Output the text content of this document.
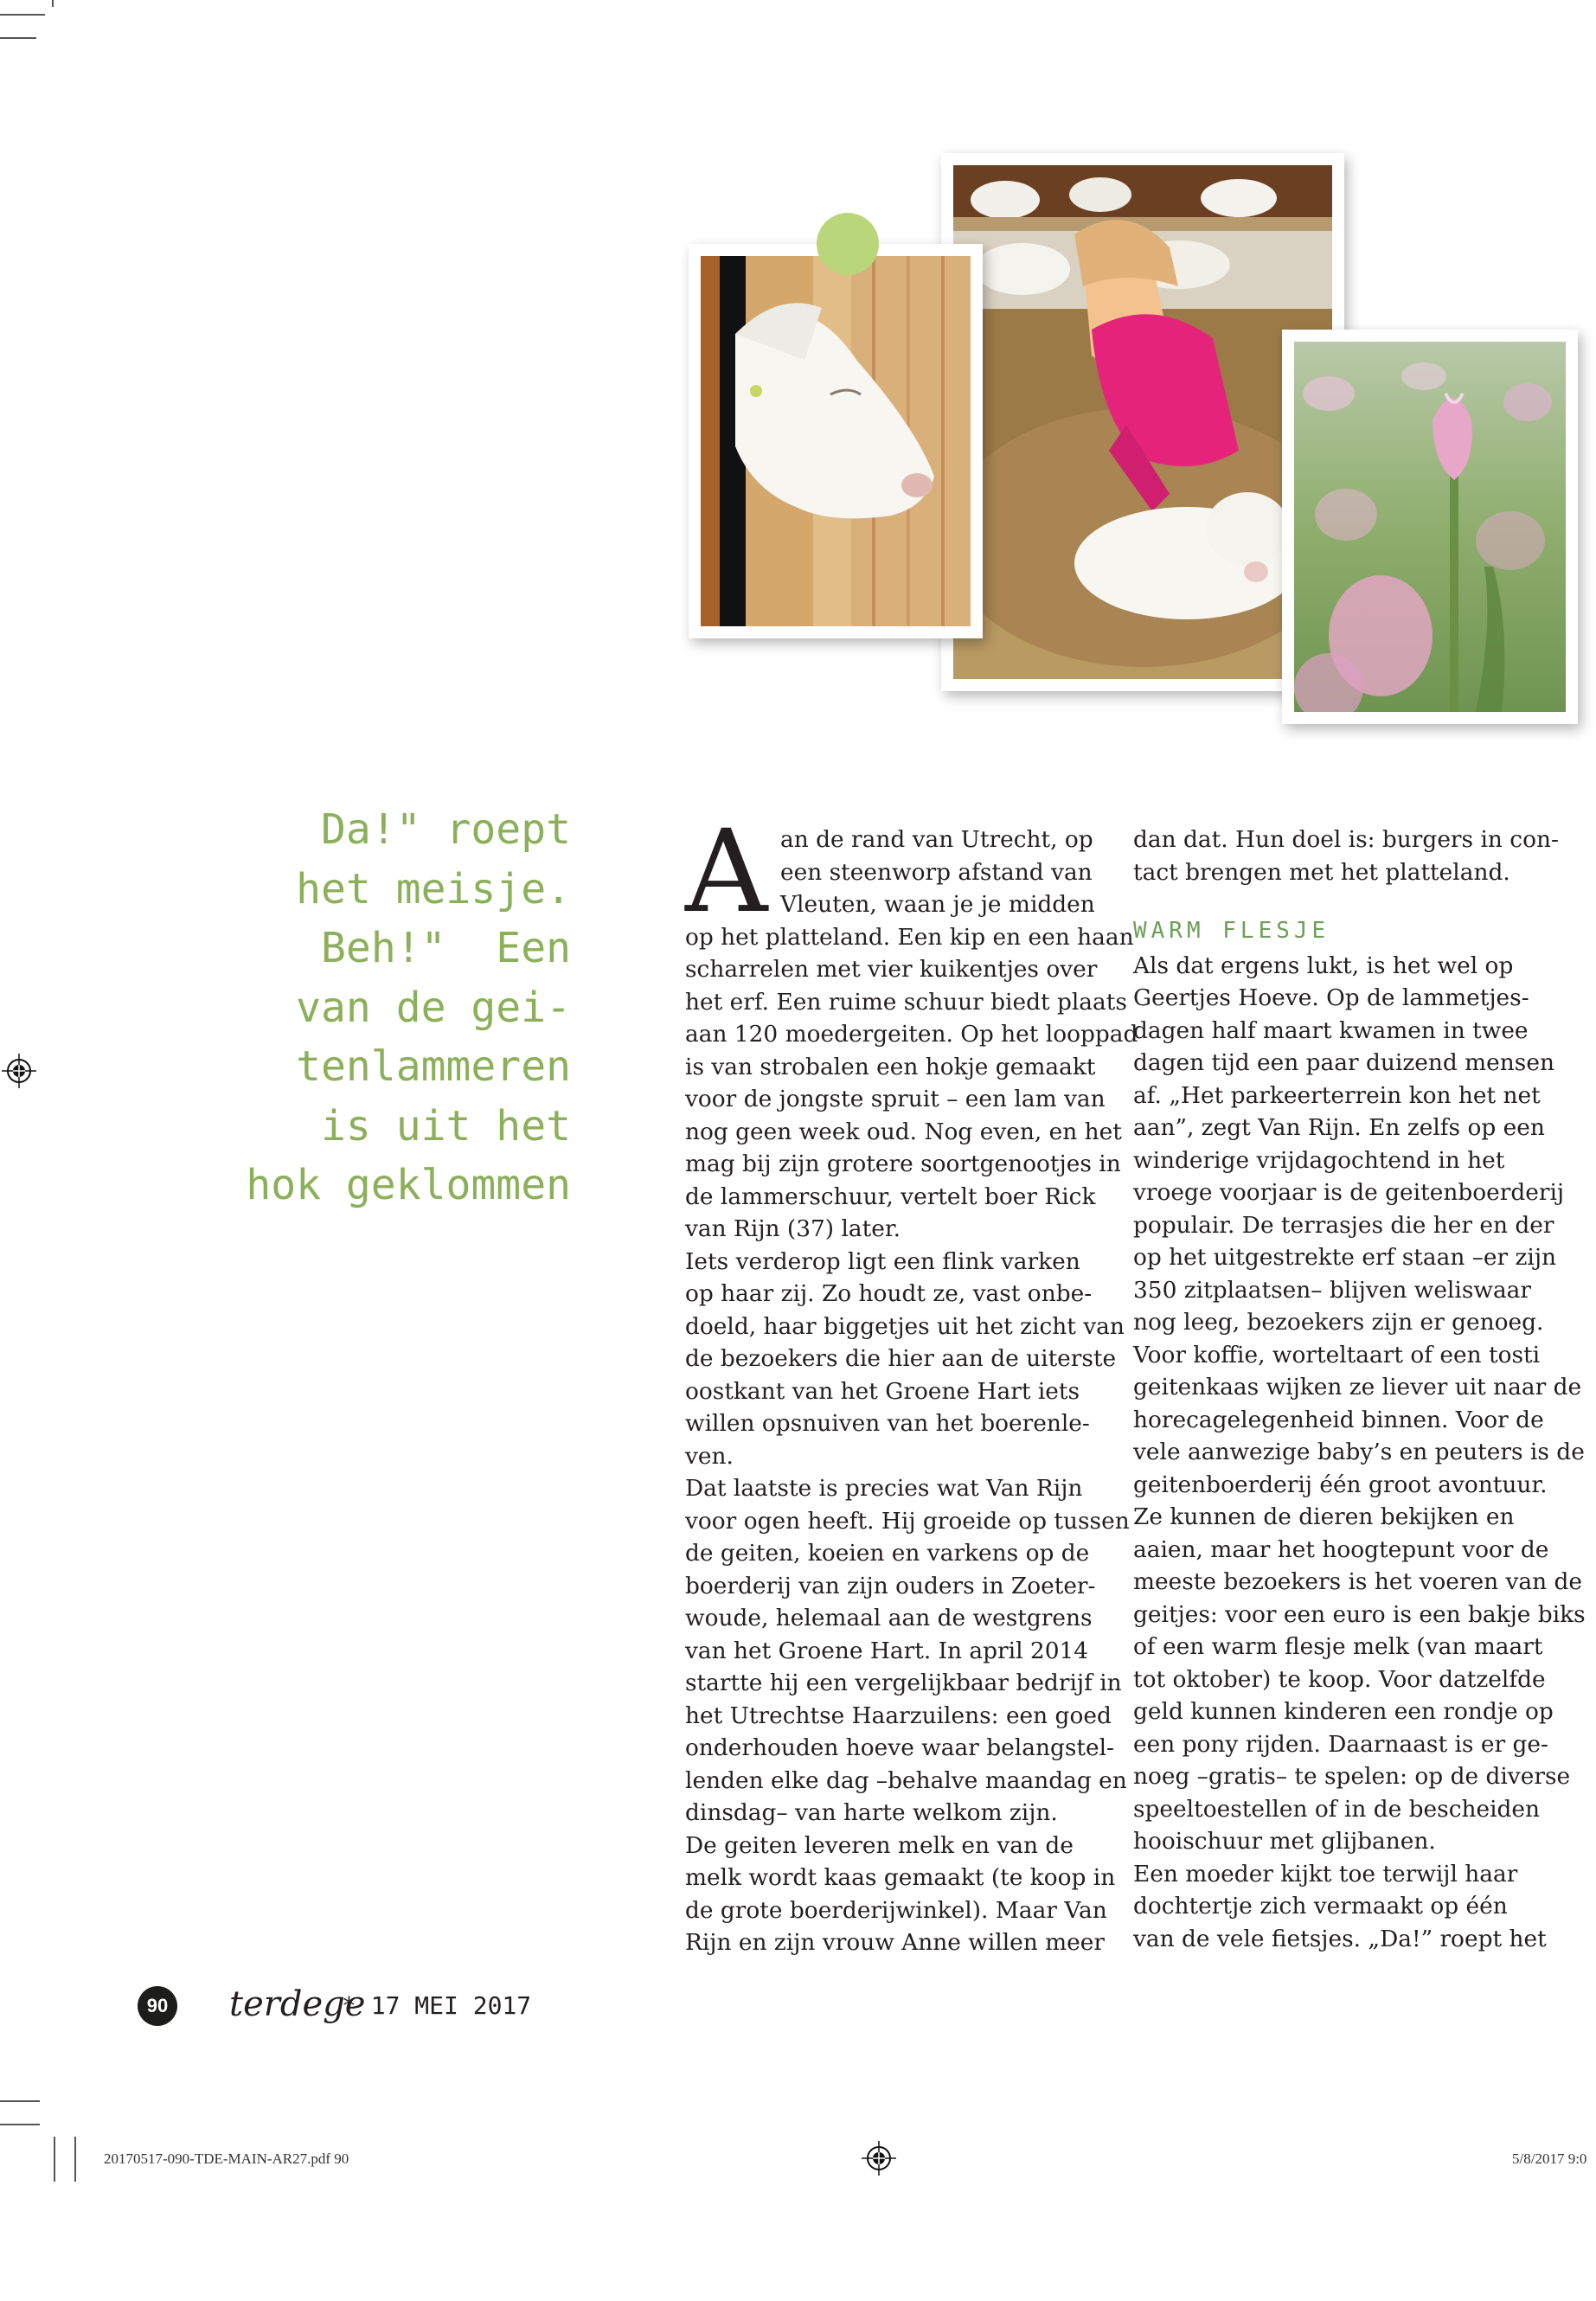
Da!" roept
het meisje.
Beh!"  Een
van de gei-
tenlammeren
is uit het
hok geklommen
A an de rand van Utrecht, op

een steenworp afstand van

Vleuten, waan je je midden

op het platteland. Een kip en een haan

scharrelen met vier kuikentjes over

het erf. Een ruime schuur biedt plaats

aan 120 moedergeiten. Op het looppad

is van strobalen een hokje gemaakt

voor de jongste spruit – een lam van

nog geen week oud. Nog even, en het

mag bij zijn grotere soortgenootjes in

de lammerschuur, vertelt boer Rick

van Rijn (37) later.

Iets verderop ligt een flink varken

op haar zij. Zo houdt ze, vast onbe-

doeld, haar biggetjes uit het zicht van

de bezoekers die hier aan de uiterste

oostkant van het Groene Hart iets

willen opsnuiven van het boerenle-

ven.

Dat laatste is precies wat Van Rijn

voor ogen heeft. Hij groeide op tussen

de geiten, koeien en varkens op de

boerderij van zijn ouders in Zoeter-

woude, helemaal aan de westgrens

van het Groene Hart. In april 2014

startte hij een vergelijkbaar bedrijf in

het Utrechtse Haarzuilens: een goed

onderhouden hoeve waar belangstel-

lenden elke dag –behalve maandag en

dinsdag– van harte welkom zijn.

De geiten leveren melk en van de

melk wordt kaas gemaakt (te koop in

de grote boerderijwinkel). Maar Van

Rijn en zijn vrouw Anne willen meer

dan dat. Hun doel is: burgers in con-

tact brengen met het platteland.

WARM FLESJE

Als dat ergens lukt, is het wel op

Geertjes Hoeve. Op de lammetjes-

dagen half maart kwamen in twee

dagen tijd een paar duizend mensen

af. „Het parkeerterrein kon het net

aan”, zegt Van Rijn. En zelfs op een

winderige vrijdagochtend in het

vroege voorjaar is de geitenboerderij

populair. De terrasjes die her en der

op het uitgestrekte erf staan –er zijn

350 zitplaatsen– blijven weliswaar

nog leeg, bezoekers zijn er genoeg.

Voor koffie, worteltaart of een tosti

geitenkaas wijken ze liever uit naar de

horecagelegenheid binnen. Voor de

vele aanwezige baby’s en peuters is de

geitenboerderij één groot avontuur.

Ze kunnen de dieren bekijken en

aaien, maar het hoogtepunt voor de

meeste bezoekers is het voeren van de

geitjes: voor een euro is een bakje biks

of een warm flesje melk (van maart

tot oktober) te koop. Voor datzelfde

geld kunnen kinderen een rondje op

een pony rijden. Daarnaast is er ge-

noeg –gratis– te spelen: op de diverse

speeltoestellen of in de bescheiden

hooischuur met glijbanen.

Een moeder kijkt toe terwijl haar

dochtertje zich vermaakt op één

van de vele fietsjes. „Da!” roept het

90 terdege
* 17 MEI 2017
20170517-090-TDE-MAIN-AR27.pdf 90	5/8/2017 9:0
